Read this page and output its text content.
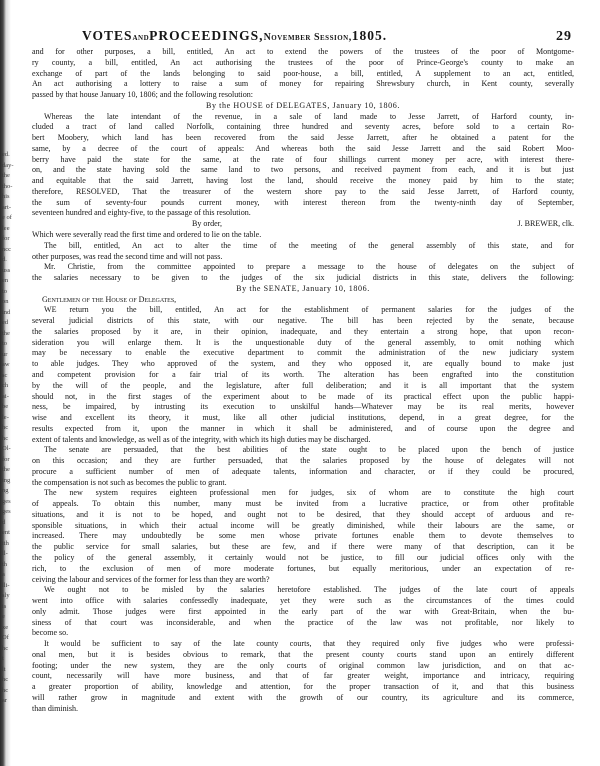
ed.
day-
the
tho-
his
art-
e of
lee
for
ncc
d.
uss
en
to
on
ind
ed
the
to
ur
aw
sc
ch
ai-
be
le-
hc
hc
Ol-
for
the
ing
ng
ges
ges
d
ent
ith
ll-
th
a
lli-
sly
is
e
xe
Of
hc
t
lt
hc
hc
ar
VOTES and PROCEEDINGS, November Session, 1805.	29
and for other purposes, a bill, entitled, An act to extend the powers of the trustees of the poor of Montgome-
ry county, a bill, entitled, An act authorising the trustees of the poor of Prince-George's county to make an
exchange of part of the lands belonging to said poor-house, a bill, entitled, A supplement to an act, entitled,
An act authorising a lottery to raise a sum of money for repairing Shrewsbury church, in Kent county, severally
passed by that house January 10, 1806; and the following resolution:
By the HOUSE of DELEGATES, January 10, 1806.
Whereas the late intendant of the revenue, in a sale of land made to Jesse Jarrett, of Harford county, in-
cluded a tract of land called Norfolk, containing three hundred and seventy acres, before sold to a certain Ro-
bert Moobery, which land has been recovered from the said Jesse Jarrett, after he obtained a patent for the
same, by a decree of the court of appeals: And whereas both the said Jesse Jarrett and the said Robert Moo-
berry have paid the state for the same, at the rate of four shillings current money per acre, with interest there-
on, and the state having sold the same land to two persons, and received payment from each, and it is but just
and equitable that the said Jarrett, having lost the land, should receive the money paid by him to the state;
therefore, RESOLVED, That the treasurer of the western shore pay to the said Jesse Jarrett, of Harford county,
the sum of seventy-four pounds current money, with interest thereon from the twenty-ninth day of September,
seventeen hundred and eighty-five, to the passage of this resolution.
By order,	J. BREWER, clk.
Which were severally read the first time and ordered to lie on the table.
The bill, entitled, An act to alter the time of the meeting of the general assembly of this state, and for
other purposes, was read the second time and will not pass.
Mr. Christie, from the committee appointed to prepare a message to the house of delegates on the subject of
the salaries necessary to be given to the judges of the six judicial districts in this state, delivers the following:
By the SENATE, January 10, 1806.
Gentlemen of the House of Delegates,
WE return you the bill, entitled, An act for the establishment of permanent salaries for the judges of the
several judicial districts of this state, with our negative. The bill has been rejected by the senate, because
the salaries proposed by it are, in their opinion, inadequate, and they entertain a strong hope, that upon recon-
sideration you will enlarge them. It is the unquestionable duty of the general assembly, to omit nothing which
may be necessary to enable the executive department to commit the administration of the new judiciary system
to able judges. They who approved of the system, and they who opposed it, are equally bound to make just
and competent provision for a fair trial of its worth. The alteration has been engrafted into the constitution
by the will of the people, and the legislature, after full deliberation; and it is all important that the system
should not, in the first stages of the experiment about to be made of its practical effect upon the public happi-
ness, be impaired, by intrusting its execution to unskilful hands—Whatever may be its real merits, however
wise and excellent its theory, it must, like all other judicial institutions, depend, in a great degree, for the
results expected from it, upon the manner in which it shall be administered, and of course upon the degree and
extent of talents and knowledge, as well as of the integrity, with which its high duties may be discharged.
The senate are persuaded, that the best abilities of the state ought to be placed upon the bench of justice
on this occasion; and they are further persuaded, that the salaries proposed by the house of delegates will not
procure a sufficient number of men of adequate talents, information and character, or if they could be procured,
the compensation is not such as becomes the public to grant.
The new system requires eighteen professional men for judges, six of whom are to constitute the high court
of appeals. To obtain this number, many must be invited from a lucrative practice, or from other profitable
situations, and it is not to be hoped, and ought not to be desired, that they should accept of arduous and re-
sponsible situations, in which their actual income will be greatly diminished, while their labours are the same, or
increased. There may undoubtedly be some men whose private fortunes enable them to devote themselves to
the public service for small salaries, but these are few, and if there were many of that description, can it be
the policy of the general assembly, it certainly would not be justice, to fill our judicial offices only with the
rich, to the exclusion of men of more moderate fortunes, but equally meritorious, under an expectation of re-
ceiving the labour and services of the former for less than they are worth?
We ought not to be misled by the salaries heretofore established. The judges of the late court of appeals
went into office with salaries confessedly inadequate, yet they were such as the circumstances of the times could
only admit. Those judges were first appointed in the early part of the war with Great-Britain, when the bu-
siness of that court was inconsiderable, and when the practice of the law was not profitable, nor likely to
become so.
It would be sufficient to say of the late county courts, that they required only five judges who were professi-
onal men, but it is besides obvious to remark, that the present county courts stand upon an entirely different
footing; under the new system, they are the only courts of original common law jurisdiction, and on that ac-
count, necessarily will have more business, and that of far greater weight, importance and intricacy, requiring
a greater proportion of ability, knowledge and attention, for the proper transaction of it, and that this business
will rather grow in magnitude and extent with the growth of our country, its agriculture and its commerce,
than diminish.
